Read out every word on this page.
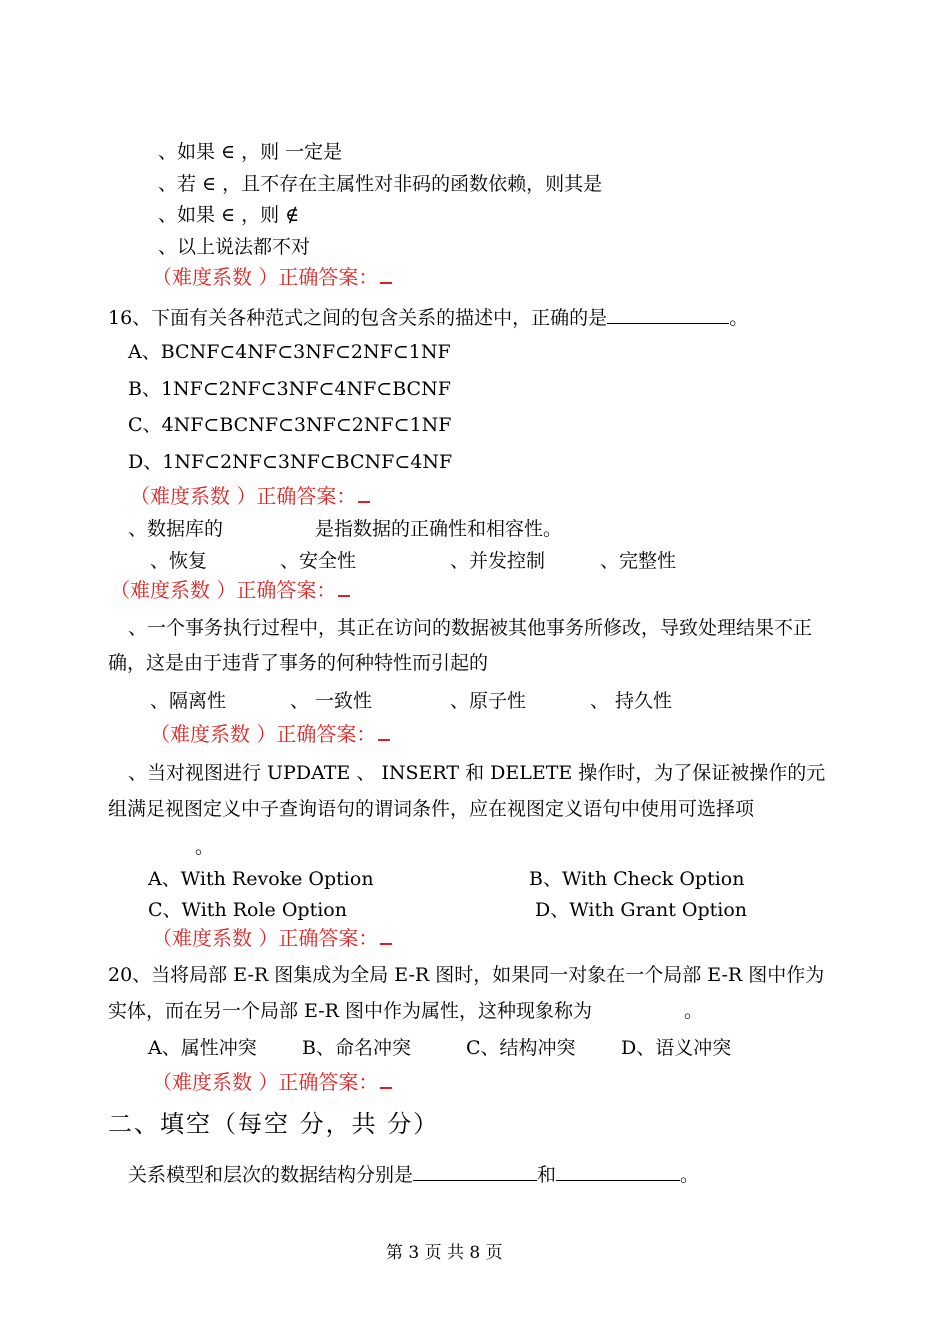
、如果 ∈ ，则 一定是
、若 ∈ ，且不存在主属性对非码的函数依赖，则其是
、如果 ∈ ，则 ∉
、以上说法都不对
（难度系数 ）正确答案：
16、下面有关各种范式之间的包含关系的描述中，正确的是	。
A、BCNF⊂4NF⊂3NF⊂2NF⊂1NF
B、1NF⊂2NF⊂3NF⊂4NF⊂BCNF
C、4NF⊂BCNF⊂3NF⊂2NF⊂1NF
D、1NF⊂2NF⊂3NF⊂BCNF⊂4NF
（难度系数 ）正确答案：
、数据库的	是指数据的正确性和相容性。
、恢复	、安全性	、并发控制	、完整性
（难度系数 ）正确答案：
、一个事务执行过程中，其正在访问的数据被其他事务所修改，导致处理结果不正
确，这是由于违背了事务的何种特性而引起的
、隔离性	、 一致性	、原子性	、 持久性
（难度系数 ）正确答案：
、当对视图进行 UPDATE 、 INSERT 和 DELETE 操作时，为了保证被操作的元
组满足视图定义中子查询语句的谓词条件，应在视图定义语句中使用可选择项
。
A、With Revoke Option	B、With Check Option
C、With Role Option	D、With Grant Option
（难度系数 ）正确答案：
20、当将局部 E-R 图集成为全局 E-R 图时，如果同一对象在一个局部 E-R 图中作为
实体，而在另一个局部 E-R 图中作为属性，这种现象称为	。
A、属性冲突 B、命名冲突	C、结构冲突 D、语义冲突
（难度系数 ）正确答案：
二、填空（每空 分，共 分）
关系模型和层次的数据结构分别是	和	。
第 3 页 共 8 页
